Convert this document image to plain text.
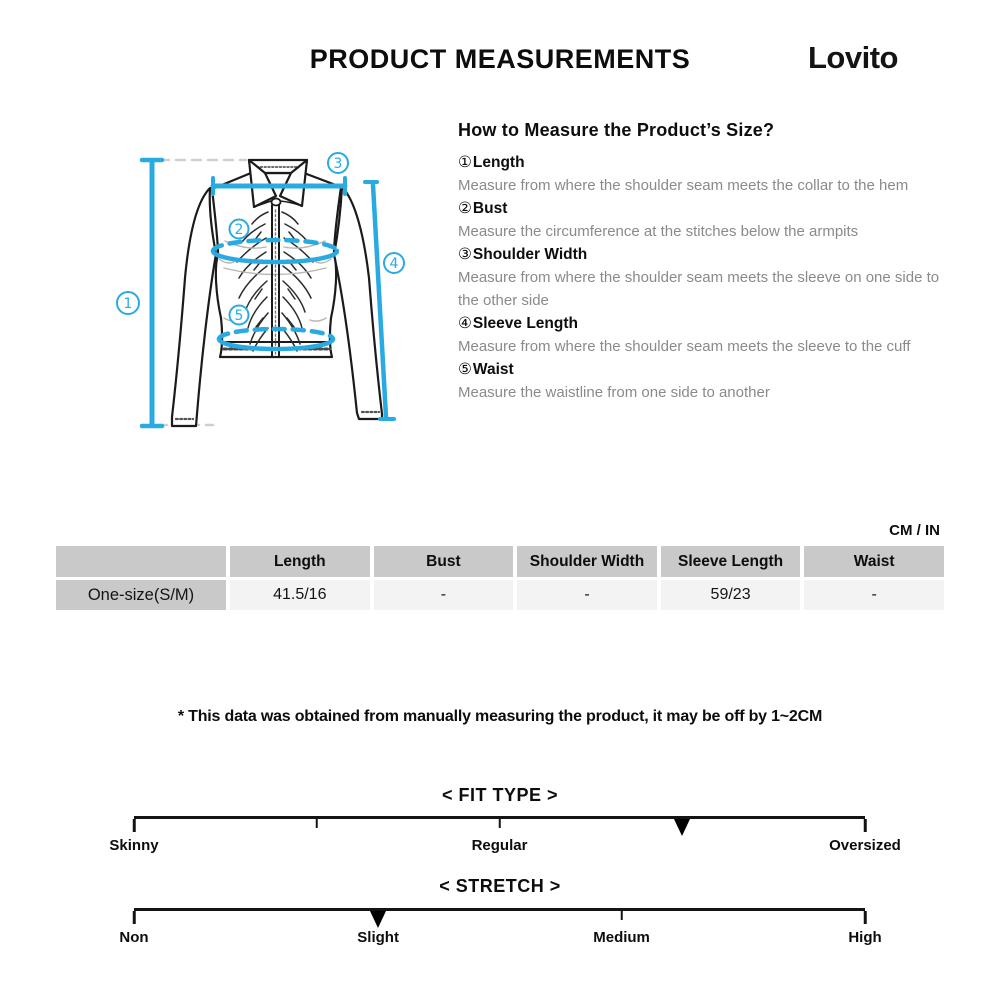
PRODUCT MEASUREMENTS	Lovito
1
2
3
4
5
How to Measure the Product’s Size?
①Length
Measure from where the shoulder seam meets the collar to the hem
②Bust
Measure the circumference at the stitches below the armpits
③Shoulder Width
Measure from where the shoulder seam meets the sleeve on one side to the other side
④Sleeve Length
Measure from where the shoulder seam meets the sleeve to the cuff
⑤Waist
Measure the waistline from one side to another
CM / IN
	Length	Bust	Shoulder Width	Sleeve Length	Waist
One-size(S/M)	41.5/16	-	-	59/23	-
* This data was obtained from manually measuring the product, it may be off by 1~2CM
< FIT TYPE >
Skinny	Regular	Oversized
< STRETCH >
Non	Slight	Medium	High
